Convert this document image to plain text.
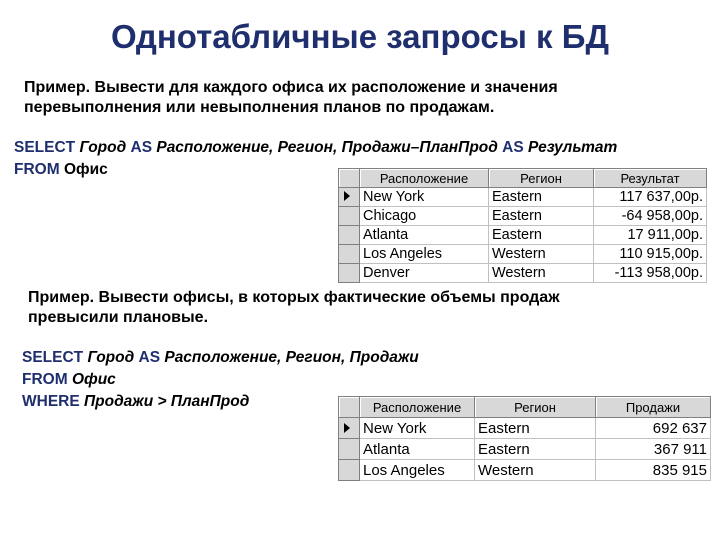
Однотабличные запросы к БД
Пример. Вывести для каждого офиса их расположение и значения
перевыполнения или невыполнения планов по продажам.
SELECT Город AS Расположение, Регион, Продажи–ПланПрод AS Результат
FROM Офис
		Расположение	Регион	Результат
	New York	Eastern	117 637,00р.
	Chicago	Eastern	-64 958,00р.
	Atlanta	Eastern	17 911,00р.
	Los Angeles	Western	110 915,00р.
	Denver	Western	-113 958,00р.
Пример. Вывести офисы, в которых фактические объемы продаж
превысили плановые.
SELECT Город AS Расположение, Регион, Продажи
FROM Офис
WHERE Продажи > ПланПрод
		Расположение	Регион	Продажи
	New York	Eastern	692 637
	Atlanta	Eastern	367 911
	Los Angeles	Western	835 915
